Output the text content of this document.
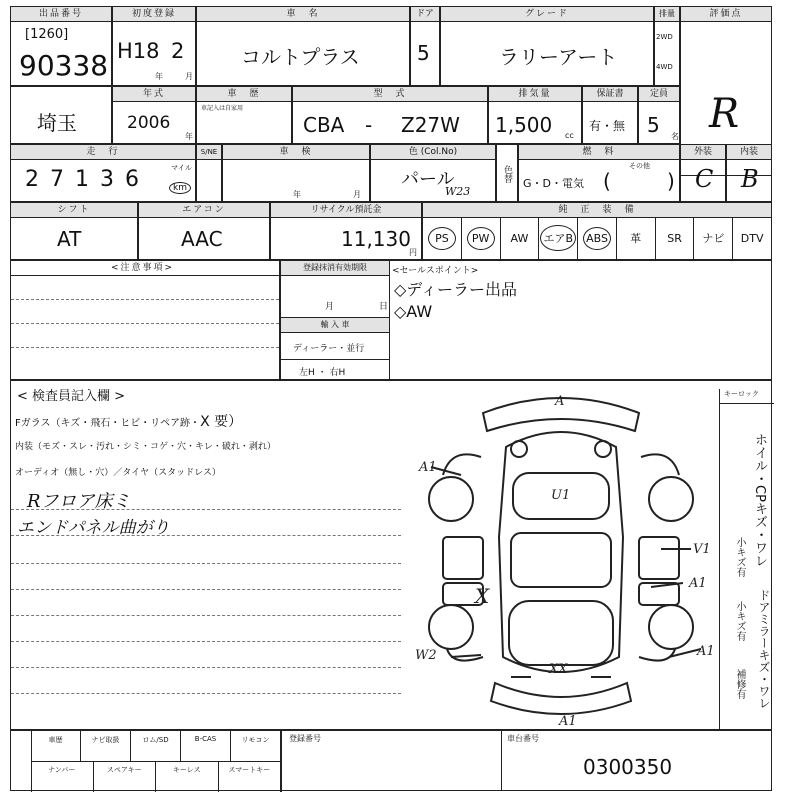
出品番号
[1260]
90338
初度登録
H18 2
年	月
車　名
コルトプラス
ドア
5
グレード
ラリーアート
排量
2WD
4WD
評価点
R
埼玉
年式
2006
年
車　歴
車記入は自家用
型　式
CBA - Z27W
排気量
1,500 cc
保証書
有・無
定員
5 名
走　行
27136	マイル
km
S/NE	車　検
年	月
色 (Col.No)
パール
W23
色替
燃　料
G・D・電気
その他
(	)
外装
C
内装
B
シフト
AT
エアコン
AAC
リサイクル預託金
11,130
円
純　正　装　備
PS	PW	AW エアB ABS 革 SR ナビ DTV
<注意事項>	登録抹消有効期限
月	日
輸 入 車
ディーラー・並行
左H ・ 右H
<セールスポイント>
◇ディーラー出品
◇AW
< 検査員記入欄 >
Fガラス（キズ・飛石・ヒビ・リペア跡・X 要）
内装（モズ・スレ・汚れ・シミ・コゲ・穴・キレ・破れ・剥れ）
オーディオ（無し・穴）／タイヤ（スタッドレス）
Rフロア床ミ
エンドパネル曲がり
キーロック
ホイル・CPキズ・ワレ
小キズ有
ドアミラーキズ・ワレ
小キズ有
補修有
A
U1
A1
X
V1
A1
W2
XX
A1
A1
車歴	ナビ取扱	ロム/SD	B-CAS	リモコン
ナンバー	スペアキー	キーレス	スマートキー
登録番号	車台番号
0300350
